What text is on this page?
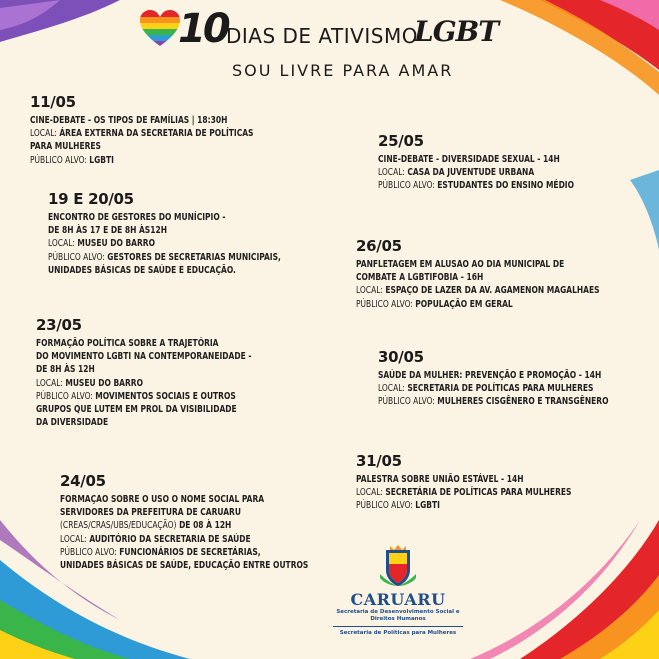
10
DIAS DE ATIVISMO
LGBT
SOU LIVRE PARA AMAR
11/05
CINE-DEBATE - OS TIPOS DE FAMÍLIAS | 18:30H
LOCAL: ÁREA EXTERNA DA SECRETARIA DE POLÍTICAS
PARA MULHERES
PÚBLICO ALVO: LGBTI
19 E 20/05
ENCONTRO DE GESTORES DO MUNÍCIPIO -
DE 8H ÀS 17 E DE 8H ÀS12H
LOCAL: MUSEU DO BARRO
PÚBLICO ALVO: GESTORES DE SECRETARIAS MUNICIPAIS,
UNIDADES BÁSICAS DE SAÚDE E EDUCAÇÃO.
23/05
FORMAÇÃO POLÍTICA SOBRE A TRAJETÓRIA
DO MOVIMENTO LGBTI NA CONTEMPORANEIDADE -
DE 8H ÀS 12H
LOCAL: MUSEU DO BARRO
PÚBLICO ALVO: MOVIMENTOS SOCIAIS E OUTROS
GRUPOS QUE LUTEM EM PROL DA VISIBILIDADE
DA DIVERSIDADE
24/05
FORMAÇÃO SOBRE O USO O NOME SOCIAL PARA
SERVIDORES DA PREFEITURA DE CARUARU
(CREAS/CRAS/UBS/EDUCAÇÃO) DE 08 À 12H
LOCAL: AUDITÓRIO DA SECRETARIA DE SAÚDE
PÚBLICO ALVO: FUNCIONÁRIOS DE SECRETÁRIAS,
UNIDADES BÁSICAS DE SAÚDE, EDUCAÇÃO ENTRE OUTROS
25/05
CINE-DEBATE - DIVERSIDADE SEXUAL - 14H
LOCAL: CASA DA JUVENTUDE URBANA
PÚBLICO ALVO: ESTUDANTES DO ENSINO MÉDIO
26/05
PANFLETAGEM EM ALUSÃO AO DIA MUNICIPAL DE
COMBATE A LGBTIFOBIA - 16H
LOCAL: ESPAÇO DE LAZER DA AV. AGAMENON MAGALHÃES
PÚBLICO ALVO: POPULAÇÃO EM GERAL
30/05
SAÚDE DA MULHER: PREVENÇÃO E PROMOÇÃO - 14H
LOCAL: SECRETARIA DE POLÍTICAS PARA MULHERES
PÚBLICO ALVO: MULHERES CISGÊNERO E TRANSGÊNERO
31/05
PALESTRA SOBRE UNIÃO ESTÁVEL - 14H
LOCAL: SECRETÁRIA DE POLÍTICAS PARA MULHERES
PÚBLICO ALVO: LGBTI
CARUARU
Secretaria de Desenvolvimento Social e Direitos Humanos
Secretaria de Políticas para Mulheres
